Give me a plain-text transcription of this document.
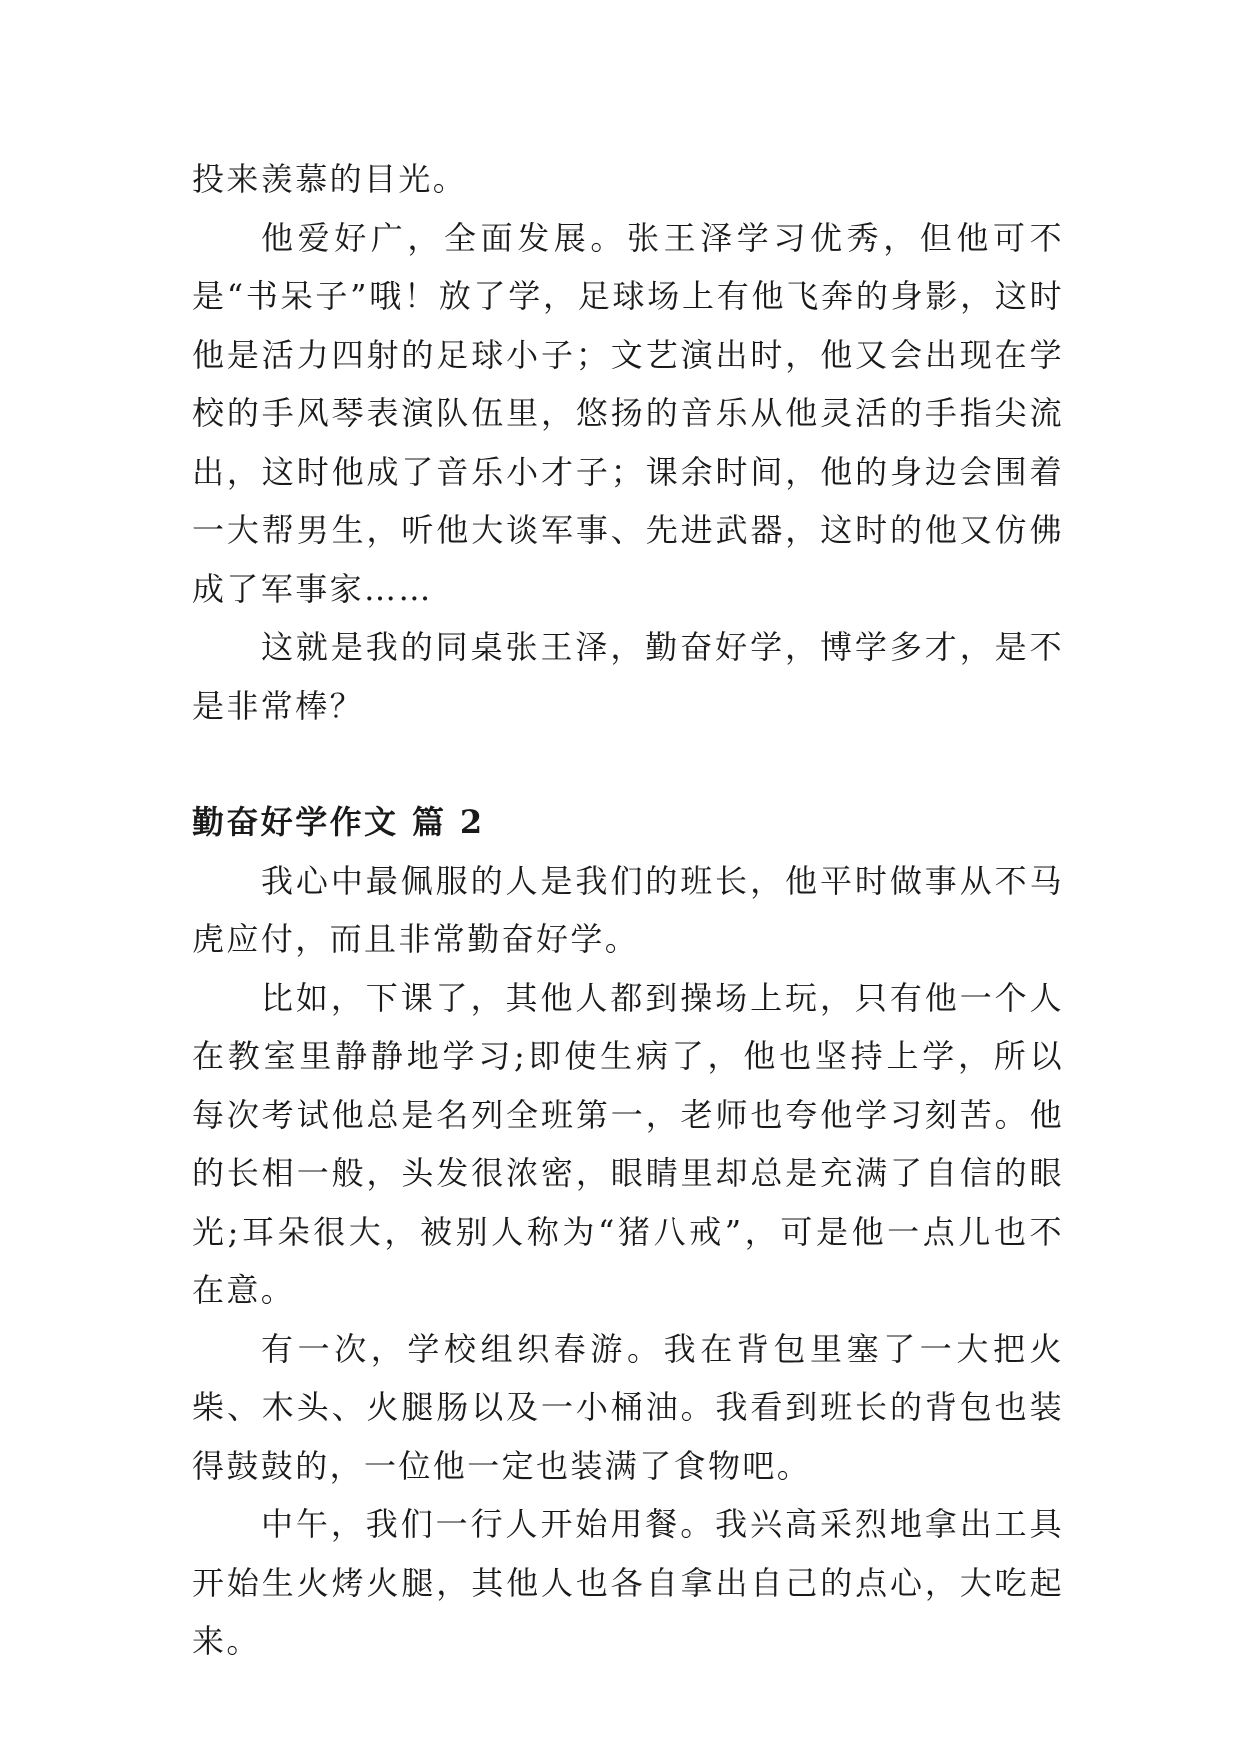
投来羡慕的目光。

他爱好广，全面发展。张王泽学习优秀，但他可不是“书呆子”哦！放了学，足球场上有他飞奔的身影，这时他是活力四射的足球小子；文艺演出时，他又会出现在学校的手风琴表演队伍里，悠扬的音乐从他灵活的手指尖流出，这时他成了音乐小才子；课余时间，他的身边会围着一大帮男生，听他大谈军事、先进武器，这时的他又仿佛成了军事家……

这就是我的同桌张王泽，勤奋好学，博学多才，是不是非常棒？

勤奋好学作文 篇 2

我心中最佩服的人是我们的班长，他平时做事从不马虎应付，而且非常勤奋好学。

比如，下课了，其他人都到操场上玩，只有他一个人在教室里静静地学习;即使生病了，他也坚持上学，所以每次考试他总是名列全班第一，老师也夸他学习刻苦。他的长相一般，头发很浓密，眼睛里却总是充满了自信的眼光;耳朵很大，被别人称为“猪八戒”，可是他一点儿也不在意。

有一次，学校组织春游。我在背包里塞了一大把火柴、木头、火腿肠以及一小桶油。我看到班长的背包也装得鼓鼓的，一位他一定也装满了食物吧。

中午，我们一行人开始用餐。我兴高采烈地拿出工具开始生火烤火腿，其他人也各自拿出自己的点心，大吃起来。
